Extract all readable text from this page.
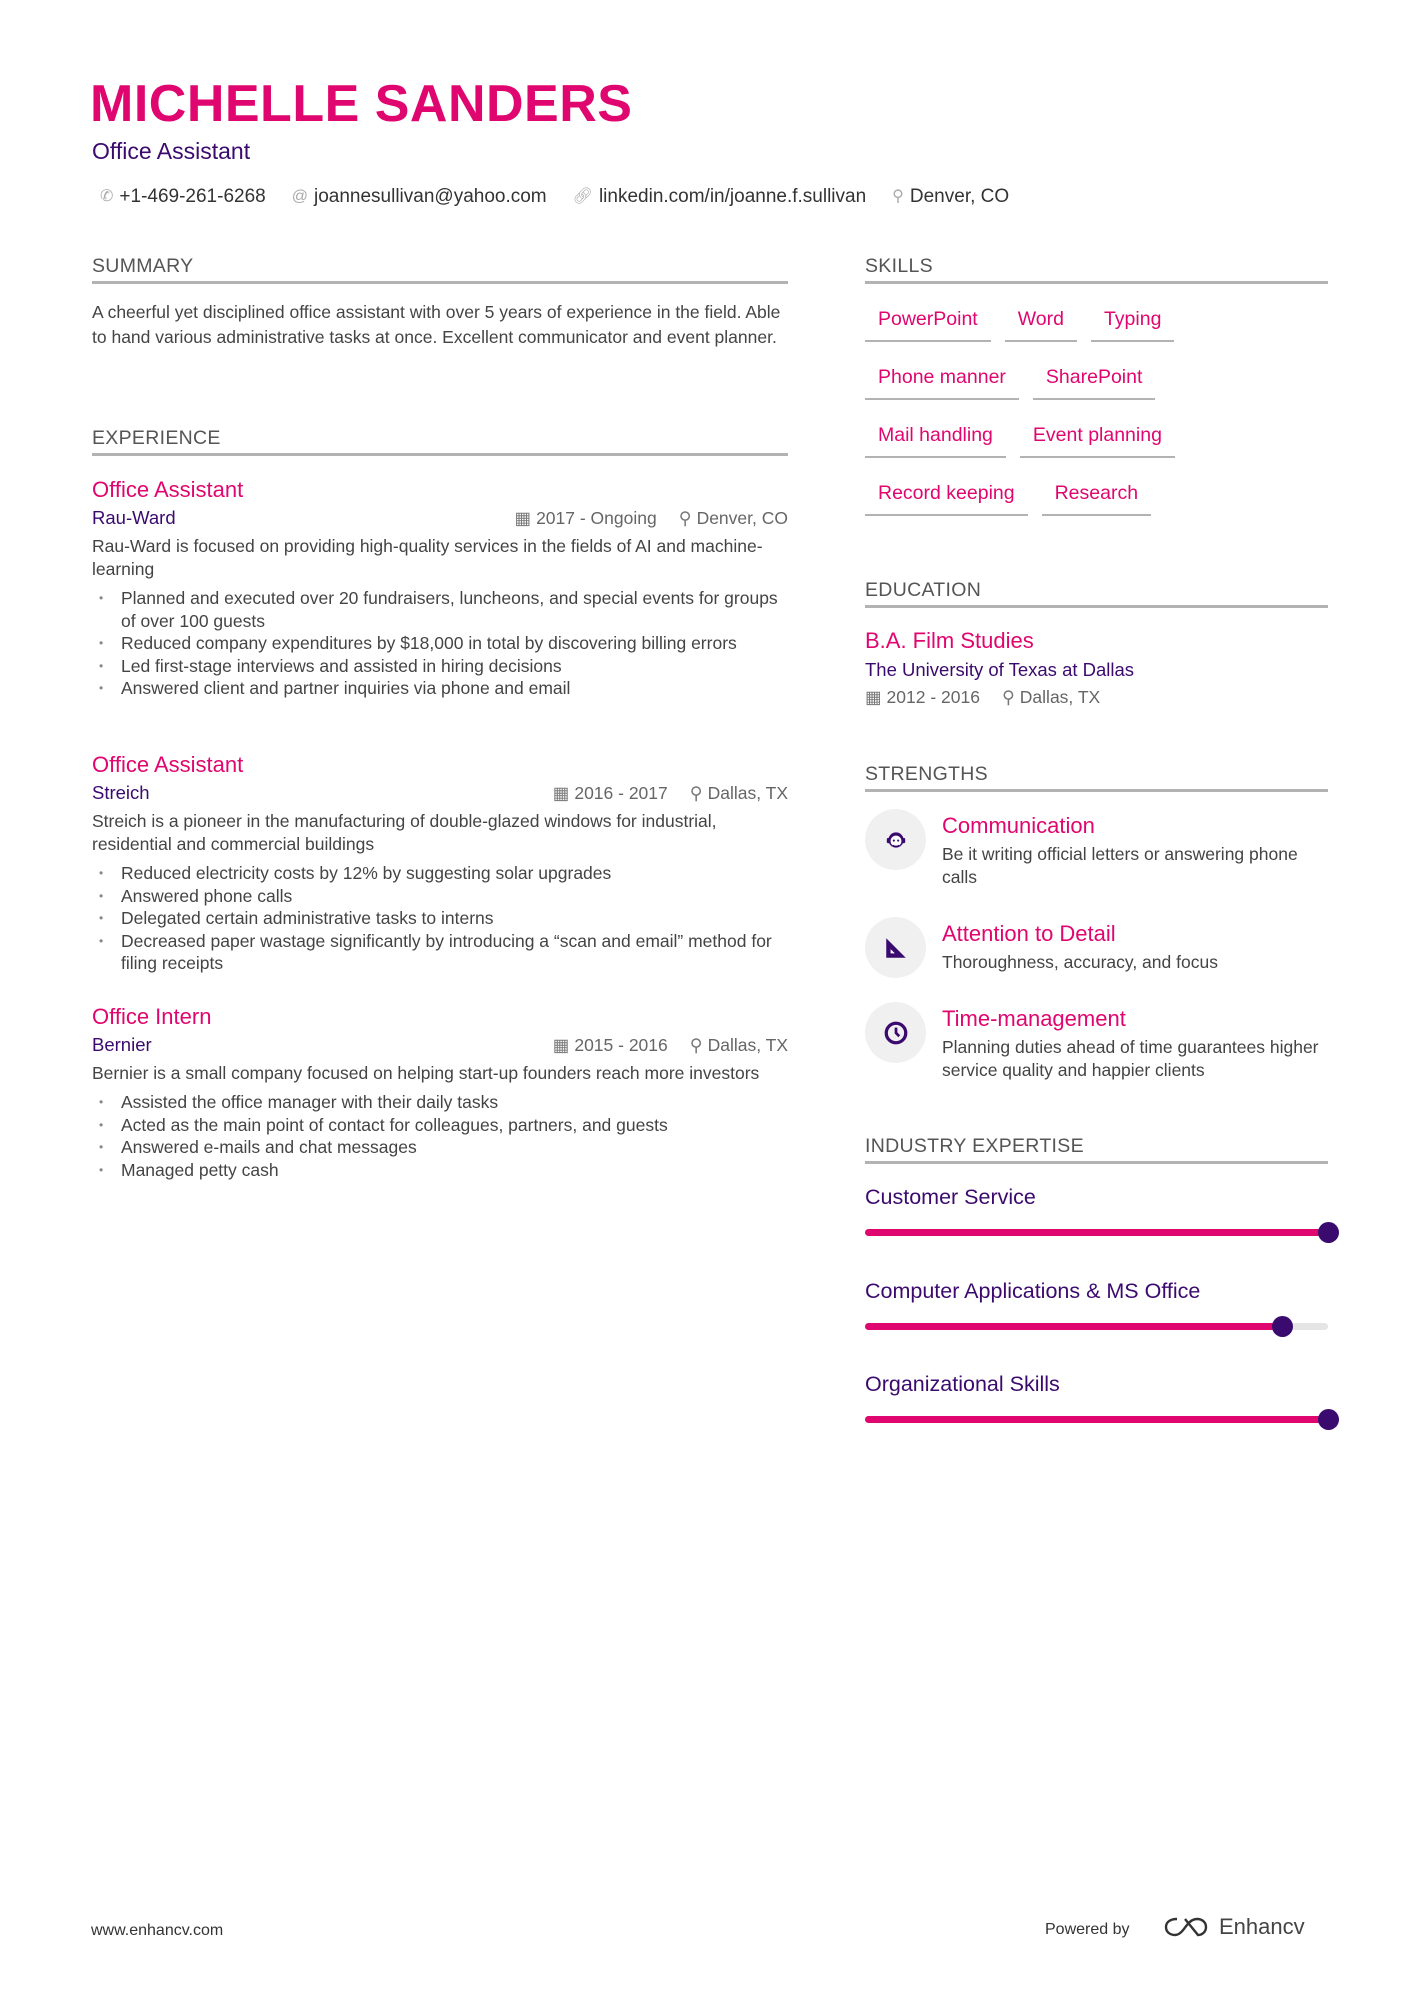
MICHELLE SANDERS
Office Assistant
✆ +1-469-261-6268 @ joannesullivan@yahoo.com 🔗︎ linkedin.com/in/joanne.f.sullivan ⚲ Denver, CO
SUMMARY

A cheerful yet disciplined office assistant with over 5 years of experience in the field. Able to hand various administrative tasks at once. Excellent communicator and event planner.

EXPERIENCE
Office Assistant
Rau-Ward	▦ 2017 - Ongoing ⚲ Denver, CO

Rau-Ward is focused on providing high-quality services in the fields of AI and machine-learning

• Planned and executed over 20 fundraisers, luncheons, and special events for groups of over 100 guests
• Reduced company expenditures by $18,000 in total by discovering billing errors
• Led first-stage interviews and assisted in hiring decisions
• Answered client and partner inquiries via phone and email
Office Assistant
Streich	▦ 2016 - 2017 ⚲ Dallas, TX

Streich is a pioneer in the manufacturing of double-glazed windows for industrial, residential and commercial buildings

• Reduced electricity costs by 12% by suggesting solar upgrades
• Answered phone calls
• Delegated certain administrative tasks to interns
• Decreased paper wastage significantly by introducing a “scan and email” method for filing receipts
Office Intern
Bernier	▦ 2015 - 2016 ⚲ Dallas, TX

Bernier is a small company focused on helping start-up founders reach more investors

• Assisted the office manager with their daily tasks
• Acted as the main point of contact for colleagues, partners, and guests
• Answered e-mails and chat messages
• Managed petty cash
SKILLS
PowerPoint	Word	Typing
Phone manner	SharePoint
Mail handling	Event planning
Record keeping	Research
EDUCATION
B.A. Film Studies
The University of Texas at Dallas
▦ 2012 - 2016 ⚲ Dallas, TX
STRENGTHS
Communication
Be it writing official letters or answering phone calls
Attention to Detail
Thoroughness, accuracy, and focus
Time-management
Planning duties ahead of time guarantees higher service quality and happier clients
INDUSTRY EXPERTISE
Customer Service
Computer Applications & MS Office
Organizational Skills
www.enhancv.com	Powered by	Enhancv
